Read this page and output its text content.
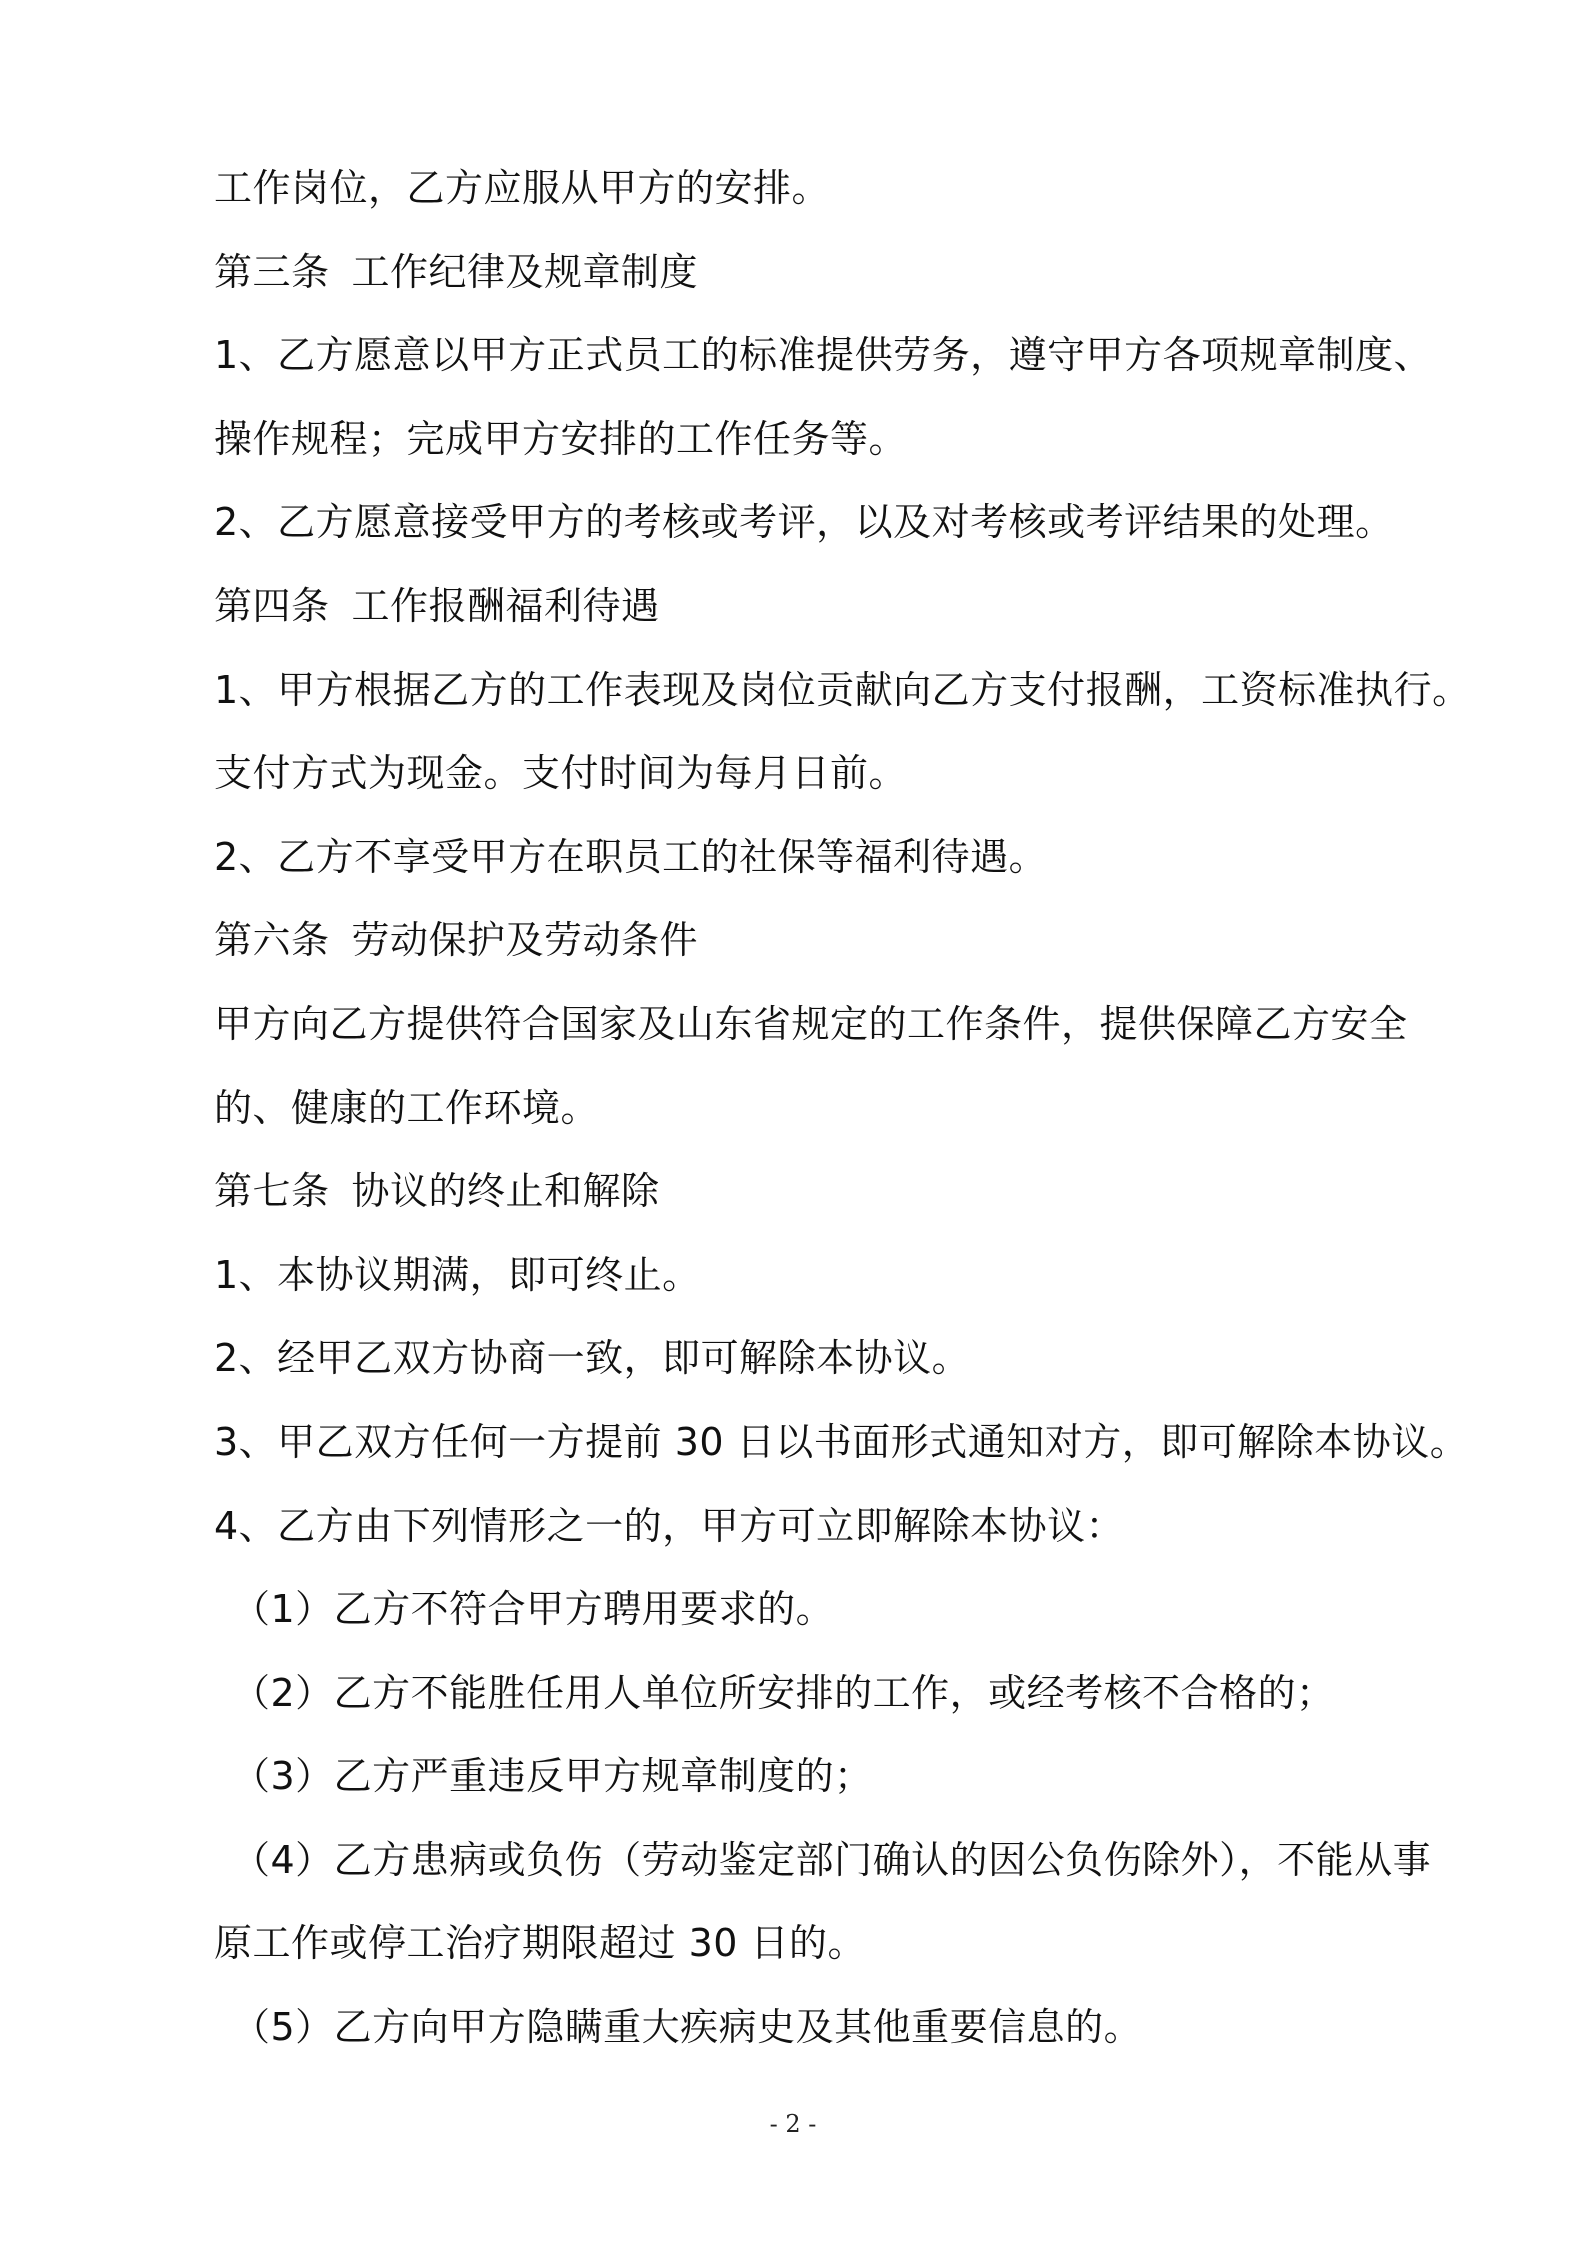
工作岗位，乙方应服从甲方的安排。
第三条 工作纪律及规章制度
1、乙方愿意以甲方正式员工的标准提供劳务，遵守甲方各项规章制度、
操作规程；完成甲方安排的工作任务等。
2、乙方愿意接受甲方的考核或考评，以及对考核或考评结果的处理。
第四条 工作报酬福利待遇
1、甲方根据乙方的工作表现及岗位贡献向乙方支付报酬，工资标准执行。
支付方式为现金。支付时间为每月日前。
2、乙方不享受甲方在职员工的社保等福利待遇。
第六条 劳动保护及劳动条件
甲方向乙方提供符合国家及山东省规定的工作条件，提供保障乙方安全
的、健康的工作环境。
第七条 协议的终止和解除
1、本协议期满，即可终止。
2、经甲乙双方协商一致，即可解除本协议。
3、甲乙双方任何一方提前 30 日以书面形式通知对方，即可解除本协议。
4、乙方由下列情形之一的，甲方可立即解除本协议：
（1）乙方不符合甲方聘用要求的。
（2）乙方不能胜任用人单位所安排的工作，或经考核不合格的；
（3）乙方严重违反甲方规章制度的；
（4）乙方患病或负伤（劳动鉴定部门确认的因公负伤除外），不能从事
原工作或停工治疗期限超过 30 日的。
（5）乙方向甲方隐瞒重大疾病史及其他重要信息的。
- 2 -
